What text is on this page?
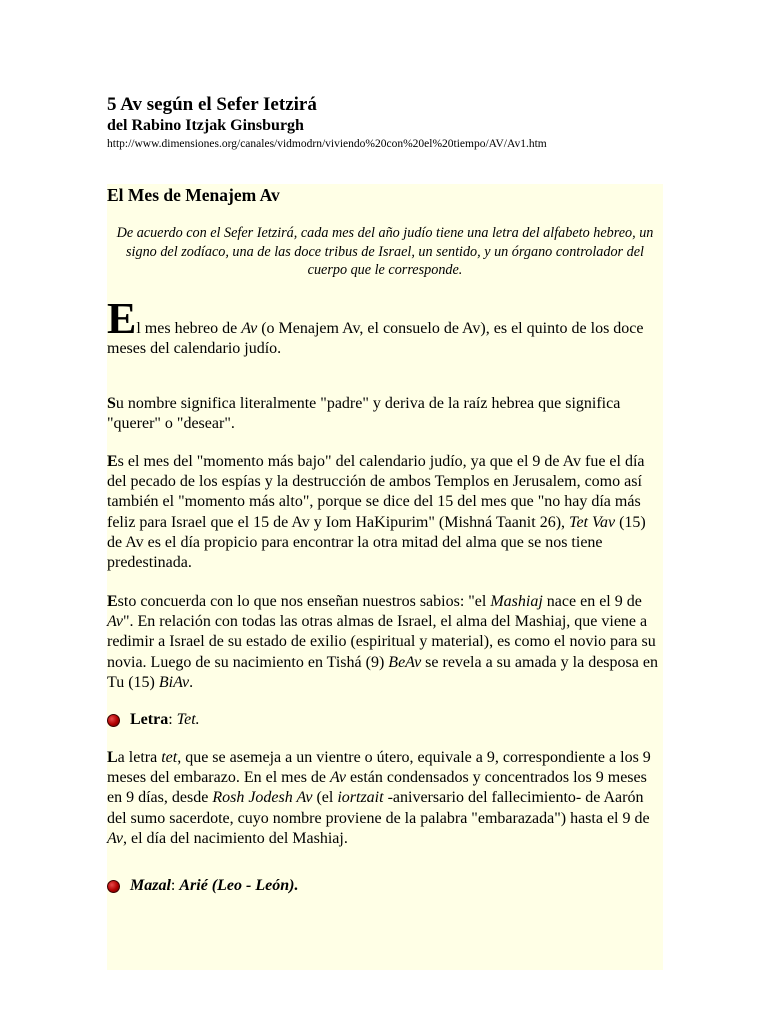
5 Av según el Sefer Ietzirá

del Rabino Itzjak Ginsburgh

http://www.dimensiones.org/canales/vidmodrn/viviendo%20con%20el%20tiempo/AV/Av1.htm

El Mes de Menajem Av
De acuerdo con el Sefer Ietzirá, cada mes del año judío tiene una letra del alfabeto hebreo, un signo del zodíaco, una de las doce tribus de Israel, un sentido, y un órgano controlador del cuerpo que le corresponde.
El mes hebreo de Av (o Menajem Av, el consuelo de Av), es el quinto de los doce meses del calendario judío.
Su nombre significa literalmente "padre" y deriva de la raíz hebrea que significa "querer" o "desear".
Es el mes del "momento más bajo" del calendario judío, ya que el 9 de Av fue el día del pecado de los espías y la destrucción de ambos Templos en Jerusalem, como así también el "momento más alto", porque se dice del 15 del mes que "no hay día más feliz para Israel que el 15 de Av y Iom HaKipurim" (Mishná Taanit 26), Tet Vav (15) de Av es el día propicio para encontrar la otra mitad del alma que se nos tiene predestinada.
Esto concuerda con lo que nos enseñan nuestros sabios: "el Mashiaj nace en el 9 de Av". En relación con todas las otras almas de Israel, el alma del Mashiaj, que viene a redimir a Israel de su estado de exilio (espiritual y material), es como el novio para su novia. Luego de su nacimiento en Tishá (9) BeAv se revela a su amada y la desposa en Tu (15) BiAv.
Letra : Tet.
La letra tet, que se asemeja a un vientre o útero, equivale a 9, correspondiente a los 9 meses del embarazo. En el mes de Av están condensados y concentrados los 9 meses en 9 días, desde Rosh Jodesh Av (el iortzait -aniversario del fallecimiento- de Aarón del sumo sacerdote, cuyo nombre proviene de la palabra "embarazada") hasta el 9 de Av, el día del nacimiento del Mashiaj.
Mazal : Arié (Leo - León).
